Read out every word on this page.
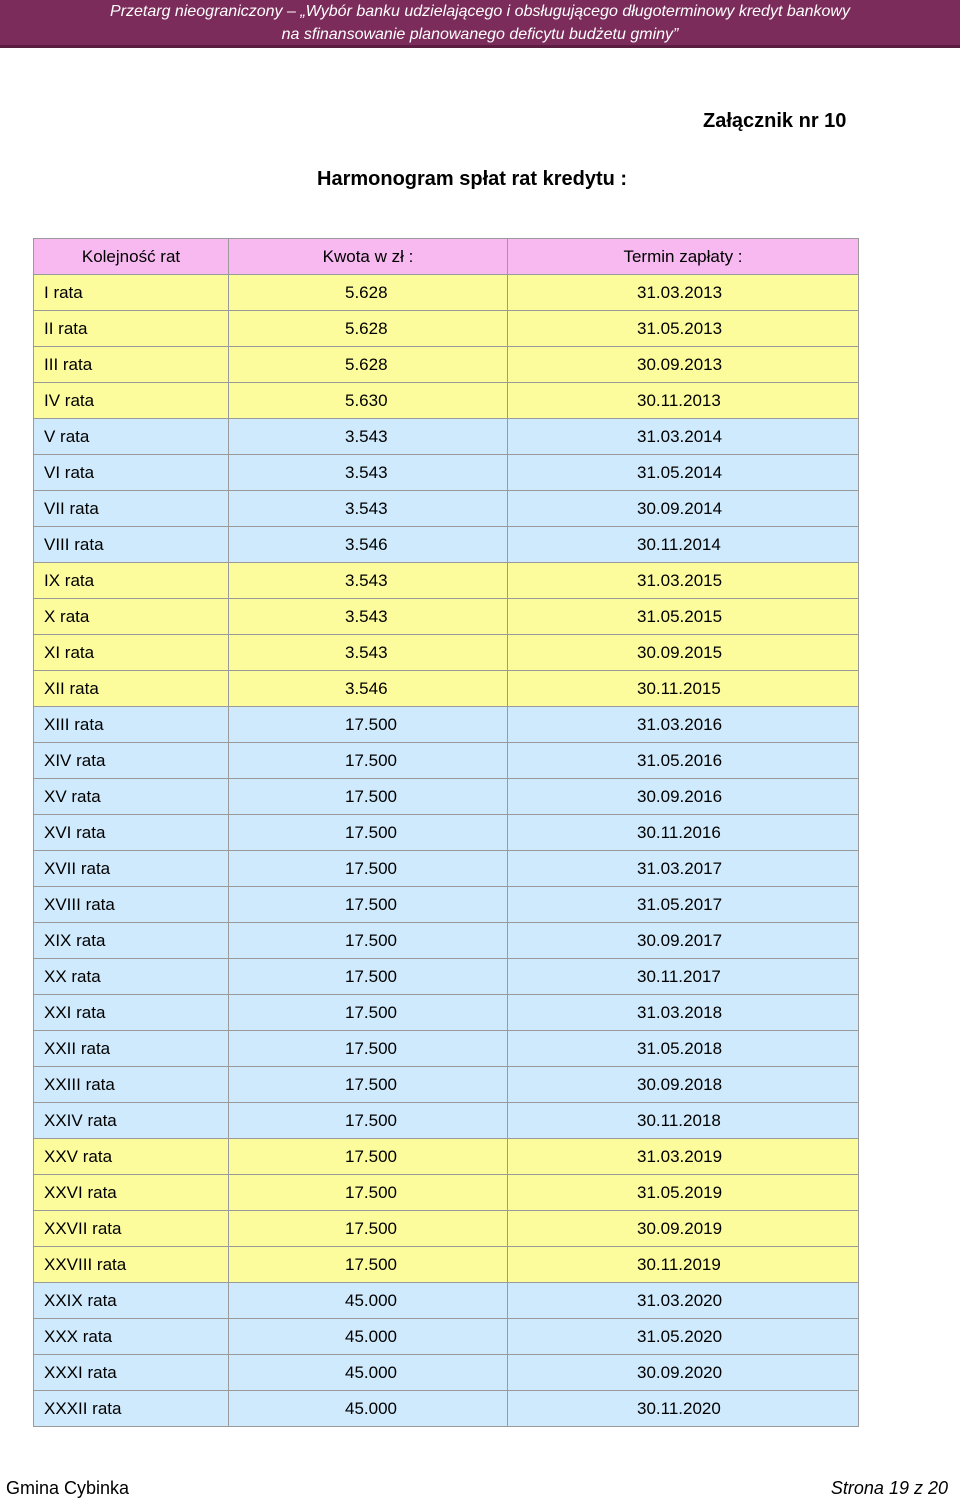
Przetarg nieograniczony – „Wybór banku udzielającego i obsługującego długoterminowy kredyt bankowy
na sfinansowanie planowanego deficytu budżetu gminy”
Załącznik nr 10
Harmonogram spłat rat kredytu :
Kolejność rat	Kwota w zł :	Termin zapłaty :
I rata	5.628	31.03.2013
II rata	5.628	31.05.2013
III rata	5.628	30.09.2013
IV rata	5.630	30.11.2013
V rata	3.543	31.03.2014
VI rata	3.543	31.05.2014
VII rata	3.543	30.09.2014
VIII rata	3.546	30.11.2014
IX rata	3.543	31.03.2015
X rata	3.543	31.05.2015
XI rata	3.543	30.09.2015
XII rata	3.546	30.11.2015
XIII rata	17.500	31.03.2016
XIV rata	17.500	31.05.2016
XV rata	17.500	30.09.2016
XVI rata	17.500	30.11.2016
XVII rata	17.500	31.03.2017
XVIII rata	17.500	31.05.2017
XIX rata	17.500	30.09.2017
XX rata	17.500	30.11.2017
XXI rata	17.500	31.03.2018
XXII rata	17.500	31.05.2018
XXIII rata	17.500	30.09.2018
XXIV rata	17.500	30.11.2018
XXV rata	17.500	31.03.2019
XXVI rata	17.500	31.05.2019
XXVII rata	17.500	30.09.2019
XXVIII rata	17.500	30.11.2019
XXIX rata	45.000	31.03.2020
XXX rata	45.000	31.05.2020
XXXI rata	45.000	30.09.2020
XXXII rata	45.000	30.11.2020
Gmina Cybinka	Strona 19 z 20
